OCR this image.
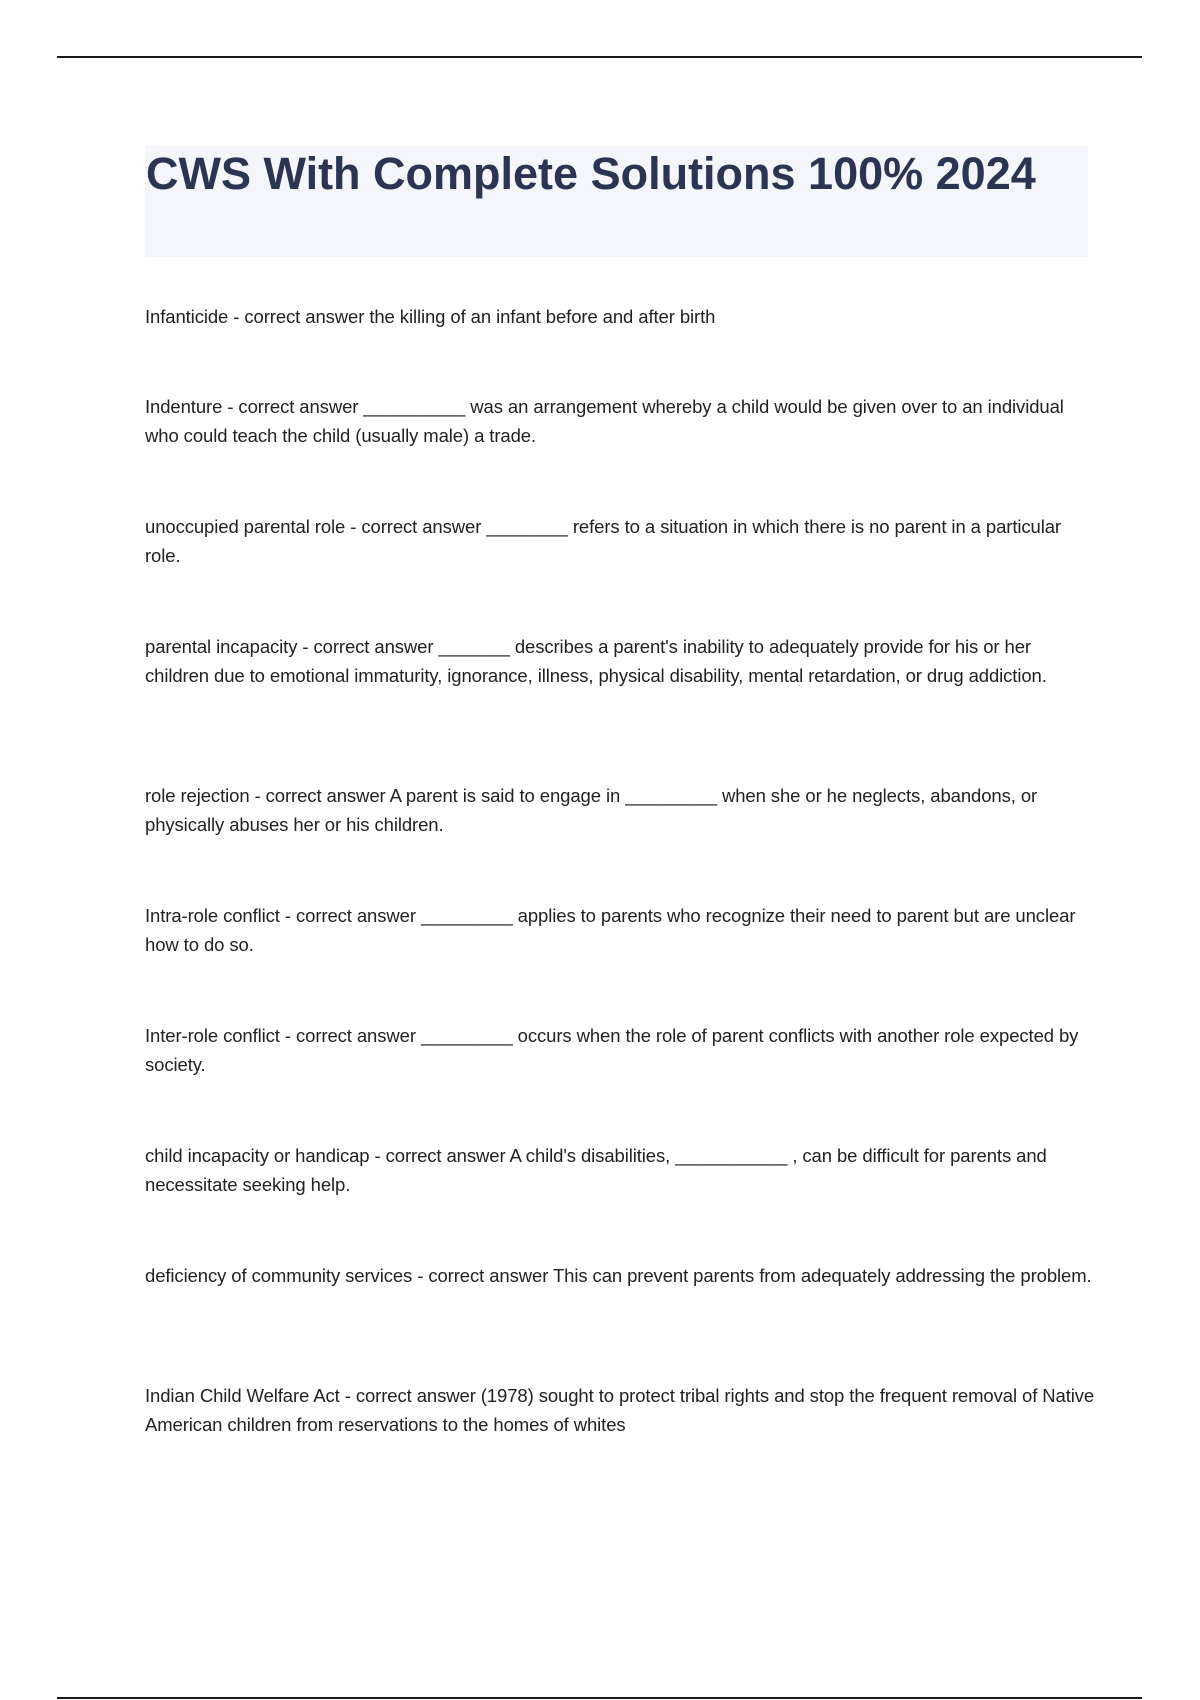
CWS With Complete Solutions 100% 2024

Infanticide - correct answer the killing of an infant before and after birth

Indenture - correct answer __________ was an arrangement whereby a child would be given over to an individual who could teach the child (usually male) a trade.

unoccupied parental role - correct answer ________ refers to a situation in which there is no parent in a particular role.

parental incapacity - correct answer _______ describes a parent's inability to adequately provide for his or her children due to emotional immaturity, ignorance, illness, physical disability, mental retardation, or drug addiction.

role rejection - correct answer A parent is said to engage in _________ when she or he neglects, abandons, or physically abuses her or his children.

Intra-role conflict - correct answer _________ applies to parents who recognize their need to parent but are unclear how to do so.

Inter-role conflict - correct answer _________ occurs when the role of parent conflicts with another role expected by society.

child incapacity or handicap - correct answer A child's disabilities, ___________ , can be difficult for parents and necessitate seeking help.

deficiency of community services - correct answer This can prevent parents from adequately addressing the problem.

Indian Child Welfare Act - correct answer (1978) sought to protect tribal rights and stop the frequent removal of Native American children from reservations to the homes of whites
